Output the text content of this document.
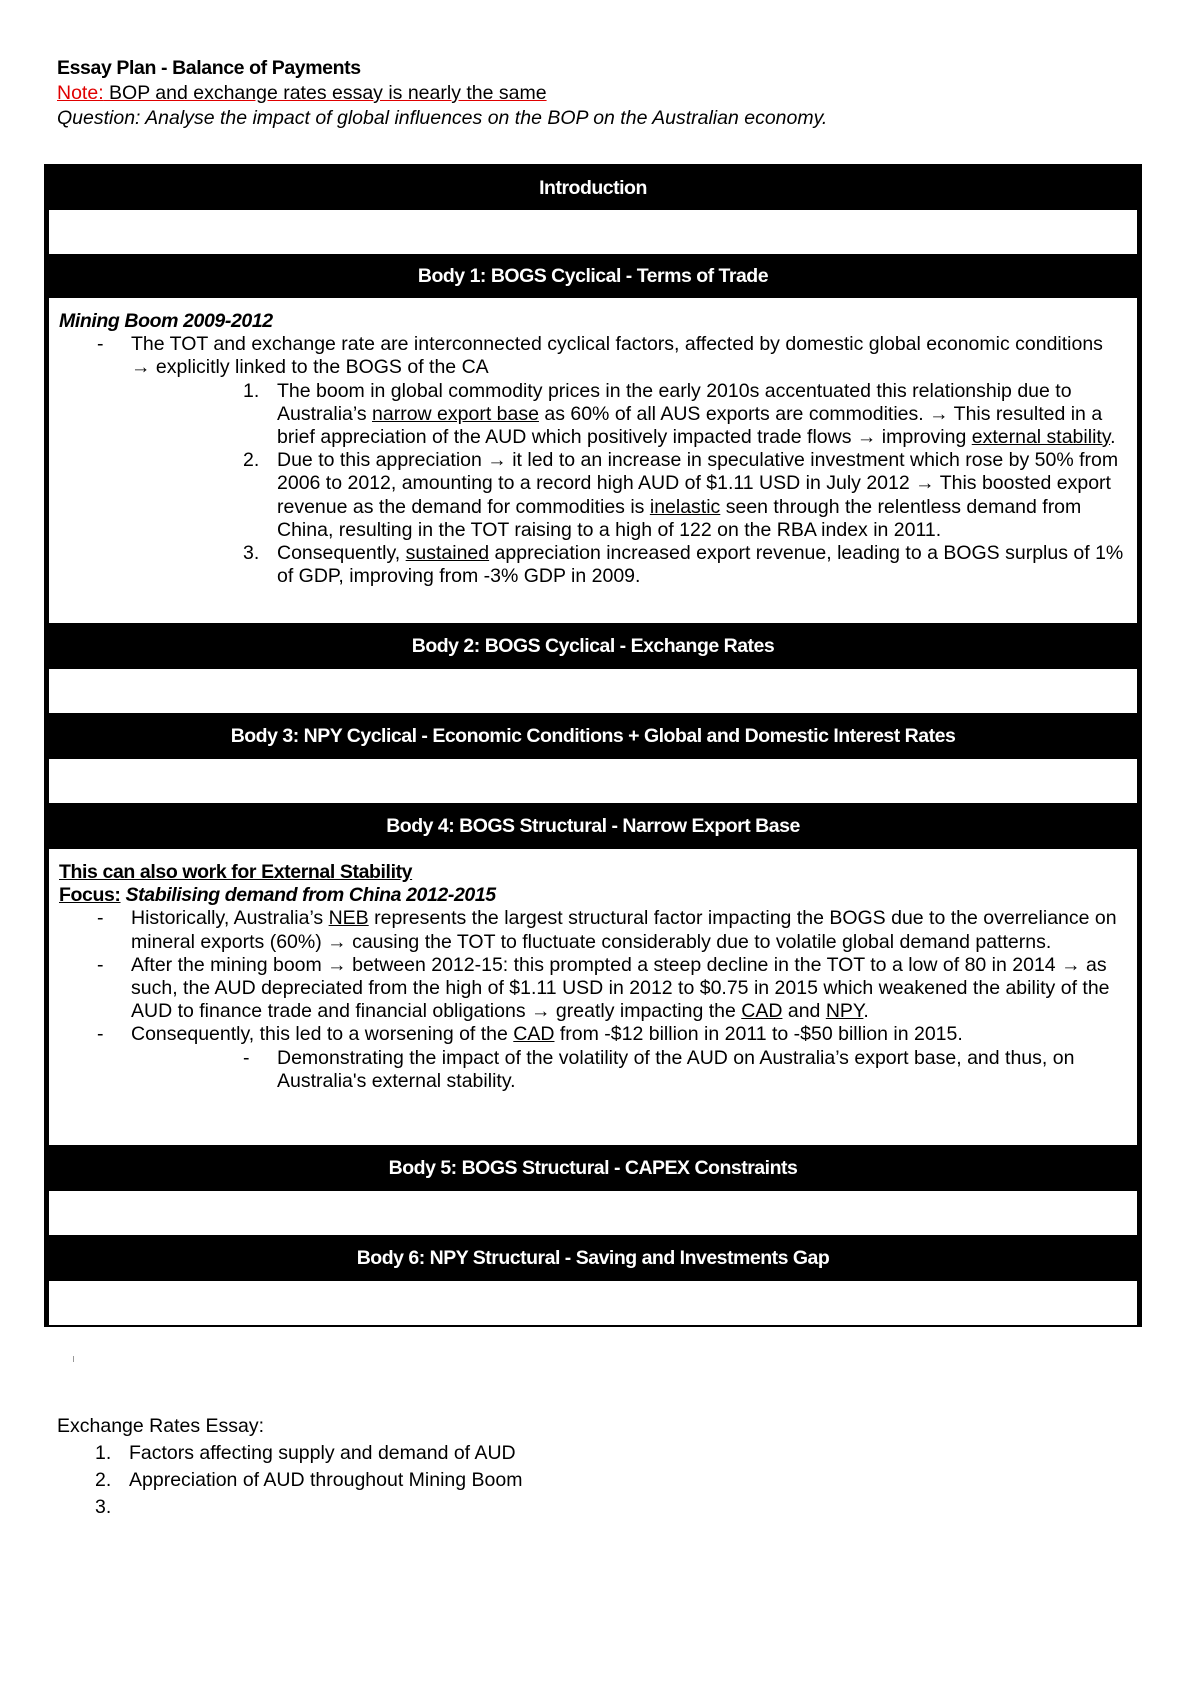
Essay Plan - Balance of Payments
Note: BOP and exchange rates essay is nearly the same
Question: Analyse the impact of global influences on the BOP on the Australian economy.
Introduction
Body 1: BOGS Cyclical - Terms of Trade
Mining Boom 2009-2012
- The TOT and exchange rate are interconnected cyclical factors, affected by domestic global economic conditions → explicitly linked to the BOGS of the CA
1. The boom in global commodity prices in the early 2010s accentuated this relationship due to Australia’s narrow export base as 60% of all AUS exports are commodities. → This resulted in a brief appreciation of the AUD which positively impacted trade flows → improving external stability.
2. Due to this appreciation → it led to an increase in speculative investment which rose by 50% from 2006 to 2012, amounting to a record high AUD of $1.11 USD in July 2012 → This boosted export revenue as the demand for commodities is inelastic seen through the relentless demand from China, resulting in the TOT raising to a high of 122 on the RBA index in 2011.
3. Consequently, sustained appreciation increased export revenue, leading to a BOGS surplus of 1% of GDP, improving from -3% GDP in 2009.
Body 2: BOGS Cyclical - Exchange Rates
Body 3: NPY Cyclical - Economic Conditions + Global and Domestic Interest Rates
Body 4: BOGS Structural - Narrow Export Base
This can also work for External Stability
Focus: Stabilising demand from China 2012-2015
- Historically, Australia’s NEB represents the largest structural factor impacting the BOGS due to the overreliance on mineral exports (60%) → causing the TOT to fluctuate considerably due to volatile global demand patterns.
- After the mining boom → between 2012-15: this prompted a steep decline in the TOT to a low of 80 in 2014 → as such, the AUD depreciated from the high of $1.11 USD in 2012 to $0.75 in 2015 which weakened the ability of the AUD to finance trade and financial obligations → greatly impacting the CAD and NPY.
- Consequently, this led to a worsening of the CAD from -$12 billion in 2011 to -$50 billion in 2015.
- Demonstrating the impact of the volatility of the AUD on Australia’s export base, and thus, on Australia's external stability.
Body 5: BOGS Structural - CAPEX Constraints
Body 6: NPY Structural - Saving and Investments Gap
Exchange Rates Essay:
1. Factors affecting supply and demand of AUD
2. Appreciation of AUD throughout Mining Boom
3.
